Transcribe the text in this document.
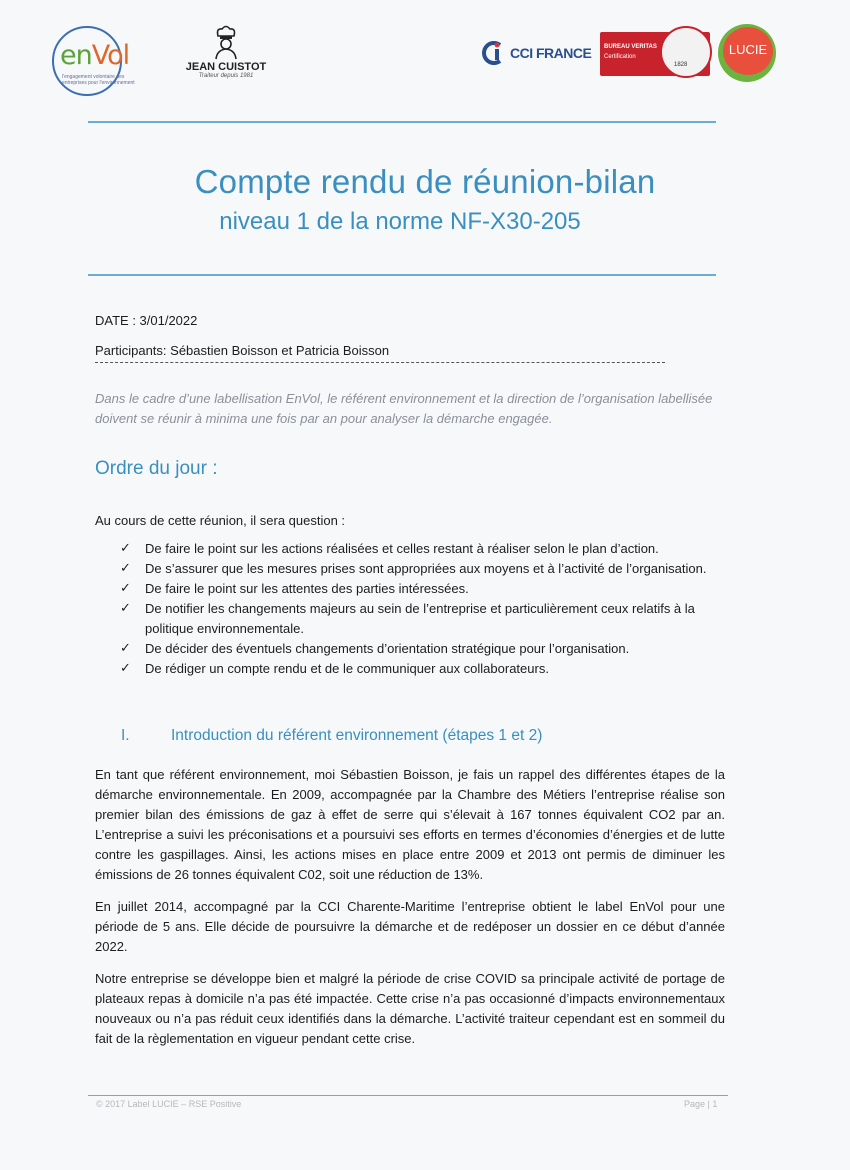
enVol
l'engagement volontaire des entreprises pour l'environnement
JEAN CUISTOT
Traiteur depuis 1981
CCI FRANCE BUREAU VERITAS
Certification
1828
LUCIE
Compte rendu de réunion-bilan
niveau 1 de la norme NF-X30-205
DATE : 3/01/2022
Participants: Sébastien Boisson et Patricia Boisson
Dans le cadre d’une labellisation EnVol, le référent environnement et la direction de l’organisation labellisée doivent se réunir à minima une fois par an pour analyser la démarche engagée.
Ordre du jour :
Au cours de cette réunion, il sera question :
✓ De faire le point sur les actions réalisées et celles restant à réaliser selon le plan d’action.
✓ De s’assurer que les mesures prises sont appropriées aux moyens et à l’activité de l’organisation.
✓ De faire le point sur les attentes des parties intéressées.
✓ De notifier les changements majeurs au sein de l’entreprise et particulièrement ceux relatifs à la politique environnementale.
✓ De décider des éventuels changements d’orientation stratégique pour l’organisation.
✓ De rédiger un compte rendu et de le communiquer aux collaborateurs.
I.	Introduction du référent environnement (étapes 1 et 2)

En tant que référent environnement, moi Sébastien Boisson, je fais un rappel des différentes étapes de la démarche environnementale. En 2009, accompagnée par la Chambre des Métiers l’entreprise réalise son premier bilan des émissions de gaz à effet de serre qui s’élevait à 167 tonnes équivalent CO2 par an. L’entreprise a suivi les préconisations et a poursuivi ses efforts en termes d’économies d’énergies et de lutte contre les gaspillages. Ainsi, les actions mises en place entre 2009 et 2013 ont permis de diminuer les émissions de 26 tonnes équivalent C02, soit une réduction de 13%.

En juillet 2014, accompagné par la CCI Charente-Maritime l’entreprise obtient le label EnVol pour une période de 5 ans. Elle décide de poursuivre la démarche et de redéposer un dossier en ce début d’année 2022.

Notre entreprise se développe bien et malgré la période de crise COVID sa principale activité de portage de plateaux repas à domicile n’a pas été impactée. Cette crise n’a pas occasionné d’impacts environnementaux nouveaux ou n’a pas réduit ceux identifiés dans la démarche. L’activité traiteur cependant est en sommeil du fait de la règlementation en vigueur pendant cette crise.

© 2017 Label LUCIE – RSE Positive	Page | 1
